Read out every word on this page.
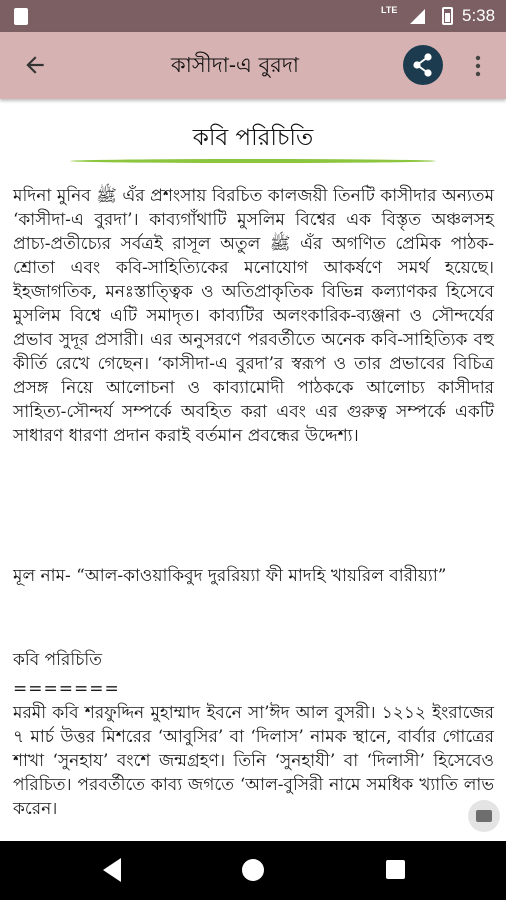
LTE	5:38
কাসীদা-এ বুরদা
কবি পরিচিতি

মদিনা মুনিব ﷺ এঁর প্রশংসায় বিরচিত কালজয়ী তিনটি কাসীদার অন্যতম ‘কাসীদা-এ বুরদা’। কাব্যগাঁথাটি মুসলিম বিশ্বের এক বিস্তৃত অঞ্চলসহ প্রাচ্য-প্রতীচ্যের সর্বত্রই রাসূল অতুল ﷺ এঁর অগণিত প্রেমিক পাঠক-শ্রোতা এবং কবি-সাহিত্যিকের মনোযোগ আকর্ষণে সমর্থ হয়েছে। ইহজাগতিক, মনঃস্তাত্ত্বিক ও অতিপ্রাকৃতিক বিভিন্ন কল্যাণকর হিসেবে মুসলিম বিশ্বে এটি সমাদৃত। কাব্যটির অলংকারিক-ব্যঞ্জনা ও সৌন্দর্যের প্রভাব সুদূর প্রসারী। এর অনুসরণে পরবর্তীতে অনেক কবি-সাহিত্যিক বহু কীর্তি রেখে গেছেন। ‘কাসীদা-এ বুরদা’র স্বরূপ ও তার প্রভাবের বিচিত্র প্রসঙ্গ নিয়ে আলোচনা ও কাব্যামোদী পাঠককে আলোচ্য কাসীদার সাহিত্য-সৌন্দর্য সম্পর্কে অবহিত করা এবং এর গুরুত্ব সম্পর্কে একটি সাধারণ ধারণা প্রদান করাই বর্তমান প্রবন্ধের উদ্দেশ্য।

মূল নাম- “আল-কাওয়াকিবুদ দুররিয়্যা ফী মাদহি খায়রিল বারীয়্যা”

কবি পরিচিতি

=======

মরমী কবি শরফুদ্দিন মুহাম্মাদ ইবনে সা’ঈদ আল বুসরী। ১২১২ ইংরাজের ৭ মার্চ উত্তর মিশরের ‘আবুসির’ বা ‘দিলাস’ নামক স্থানে, বার্বার গোত্রের শাখা ‘সুনহায’ বংশে জন্মগ্রহণ। তিনি ‘সুনহাযী’ বা ‘দিলাসী’ হিসেবেও পরিচিত। পরবর্তীতে কাব্য জগতে ‘আল-বুসিরী নামে সমধিক খ্যাতি লাভ করেন।
